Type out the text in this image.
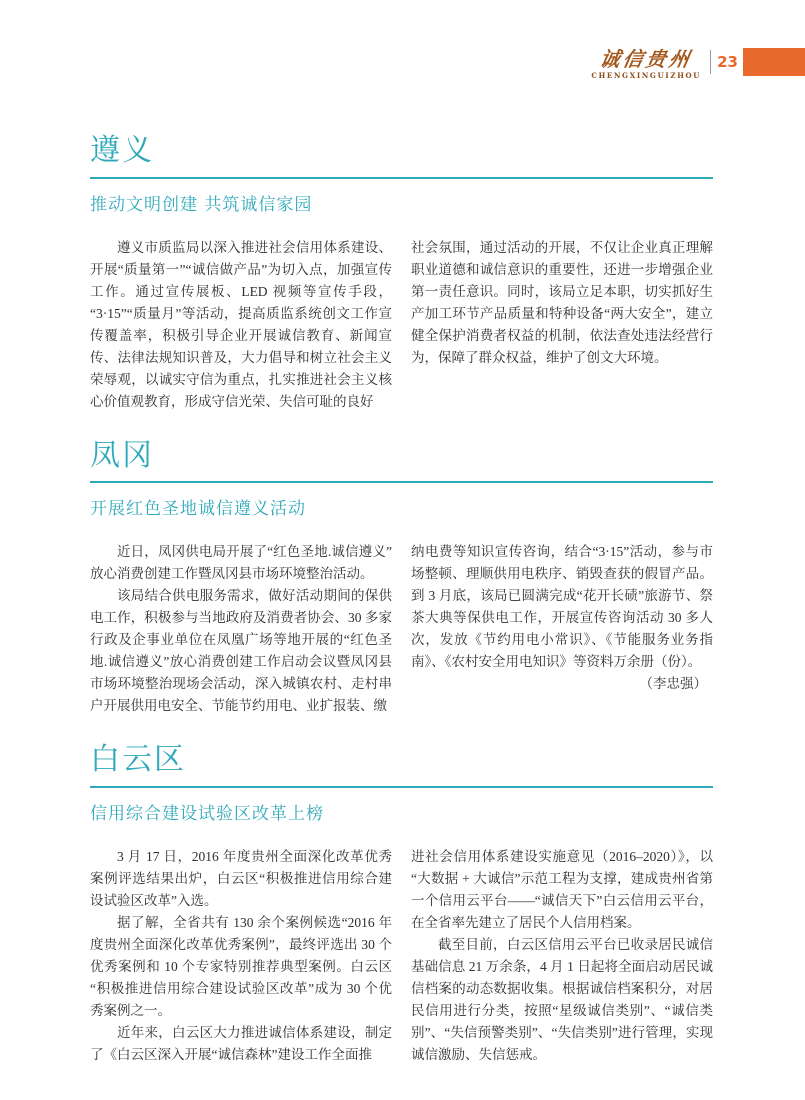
诚信贵州
CHENGXINGUIZHOU
23
遵义
推动文明创建 共筑诚信家园

遵义市质监局以深入推进社会信用体系建设、开展“质量第一”“诚信做产品”为切入点，加强宣传工作。通过宣传展板、LED 视频等宣传手段，“3·15”“质量月”等活动，提高质监系统创文工作宣传覆盖率，积极引导企业开展诚信教育、新闻宣传、法律法规知识普及，大力倡导和树立社会主义荣辱观，以诚实守信为重点，扎实推进社会主义核心价值观教育，形成守信光荣、失信可耻的良好

社会氛围，通过活动的开展，不仅让企业真正理解职业道德和诚信意识的重要性，还进一步增强企业第一责任意识。同时，该局立足本职，切实抓好生产加工环节产品质量和特种设备“两大安全”，建立健全保护消费者权益的机制，依法查处违法经营行为，保障了群众权益，维护了创文大环境。

凤冈
开展红色圣地诚信遵义活动

近日，凤冈供电局开展了“红色圣地.诚信遵义”放心消费创建工作暨凤冈县市场环境整治活动。

该局结合供电服务需求，做好活动期间的保供电工作，积极参与当地政府及消费者协会、30 多家行政及企事业单位在凤凰广场等地开展的“红色圣地.诚信遵义”放心消费创建工作启动会议暨凤冈县市场环境整治现场会活动，深入城镇农村、走村串户开展供用电安全、节能节约用电、业扩报装、缴

纳电费等知识宣传咨询，结合“3·15”活动，参与市场整顿、理顺供用电秩序、销毁查获的假冒产品。到 3 月底，该局已圆满完成“花开长碛”旅游节、祭茶大典等保供电工作，开展宣传咨询活动 30 多人次，发放《节约用电小常识》、《节能服务业务指南》、《农村安全用电知识》等资料万余册（份）。

（李忠强）

白云区
信用综合建设试验区改革上榜

3 月 17 日，2016 年度贵州全面深化改革优秀案例评选结果出炉，白云区“积极推进信用综合建设试验区改革”入选。

据了解，全省共有 130 余个案例候选“2016 年度贵州全面深化改革优秀案例”，最终评选出 30 个优秀案例和 10 个专家特别推荐典型案例。白云区“积极推进信用综合建设试验区改革”成为 30 个优秀案例之一。

近年来，白云区大力推进诚信体系建设，制定了《白云区深入开展“诚信森林”建设工作全面推

进社会信用体系建设实施意见（2016–2020）》，以“大数据 + 大诚信”示范工程为支撑，建成贵州省第一个信用云平台——“诚信天下”白云信用云平台，在全省率先建立了居民个人信用档案。

截至目前，白云区信用云平台已收录居民诚信基础信息 21 万余条，4 月 1 日起将全面启动居民诚信档案的动态数据收集。根据诚信档案积分，对居民信用进行分类，按照“星级诚信类别”、“诚信类别”、“失信预警类别”、“失信类别”进行管理，实现诚信激励、失信惩戒。
